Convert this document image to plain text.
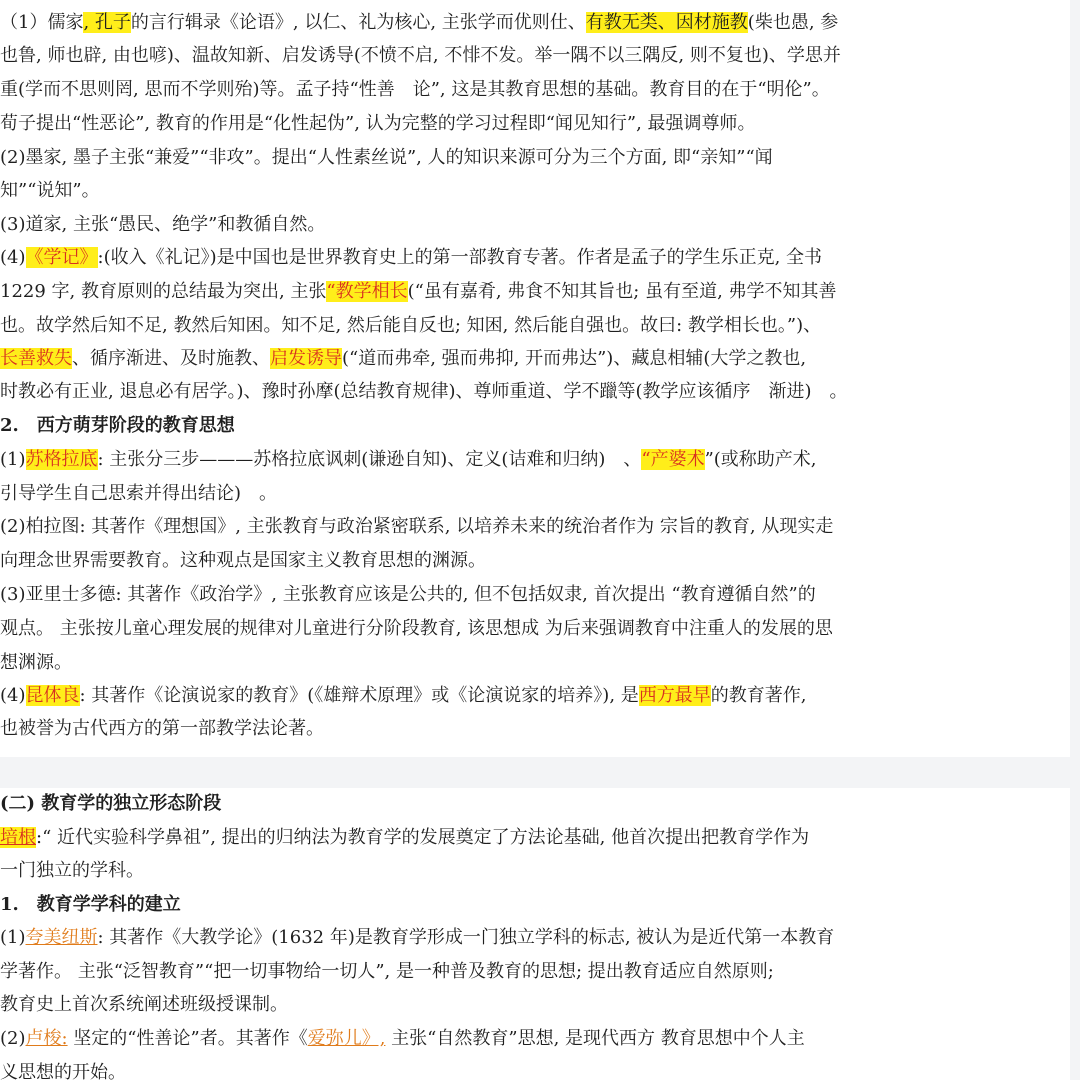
（1）儒家, 孔子的言行辑录《论语》, 以仁、礼为核心, 主张学而优则仕、有教无类、因材施教(柴也愚, 参
也鲁, 师也辟, 由也喭)、温故知新、启发诱导(不愤不启, 不悱不发。举一隅不以三隅反, 则不复也)、学思并
重(学而不思则罔, 思而不学则殆)等。孟子持“性善　论”, 这是其教育思想的基础。教育目的在于“明伦”。
荀子提出“性恶论”, 教育的作用是“化性起伪”, 认为完整的学习过程即“闻见知行”, 最强调尊师。
(2)墨家, 墨子主张“兼爱”“非攻”。提出“人性素丝说”, 人的知识来源可分为三个方面, 即“亲知”“闻
知”“说知”。
(3)道家, 主张“愚民、绝学”和教循自然。
(4)《学记》:(收入《礼记》)是中国也是世界教育史上的第一部教育专著。作者是孟子的学生乐正克, 全书
1229 字, 教育原则的总结最为突出, 主张“教学相长(“虽有嘉肴, 弗食不知其旨也; 虽有至道, 弗学不知其善
也。故学然后知不足, 教然后知困。知不足, 然后能自反也; 知困, 然后能自强也。故曰: 教学相长也。”)、
长善救失、循序渐进、及时施教、启发诱导(“道而弗牵, 强而弗抑, 开而弗达”)、藏息相辅(大学之教也,
时教必有正业, 退息必有居学。)、豫时孙摩(总结教育规律)、尊师重道、学不躐等(教学应该循序　渐进)　。
2.　西方萌芽阶段的教育思想
(1)苏格拉底: 主张分三步———苏格拉底讽刺(谦逊自知)、定义(诘难和归纳)　、“产婆术”(或称助产术,
引导学生自己思索并得出结论)　。
(2)柏拉图: 其著作《理想国》, 主张教育与政治紧密联系, 以培养未来的统治者作为 宗旨的教育, 从现实走
向理念世界需要教育。这种观点是国家主义教育思想的渊源。
(3)亚里士多德: 其著作《政治学》, 主张教育应该是公共的, 但不包括奴隶, 首次提出 “教育遵循自然”的
观点。 主张按儿童心理发展的规律对儿童进行分阶段教育, 该思想成 为后来强调教育中注重人的发展的思
想渊源。
(4)昆体良: 其著作《论演说家的教育》(《雄辩术原理》或《论演说家的培养》), 是西方最早的教育著作,
也被誉为古代西方的第一部教学法论著。
(二) 教育学的独立形态阶段
培根:“ 近代实验科学鼻祖”, 提出的归纳法为教育学的发展奠定了方法论基础, 他首次提出把教育学作为
一门独立的学科。
1.　教育学学科的建立
(1)夸美纽斯: 其著作《大教学论》(1632 年)是教育学形成一门独立学科的标志, 被认为是近代第一本教育
学著作。 主张“泛智教育”“把一切事物给一切人”, 是一种普及教育的思想; 提出教育适应自然原则;
教育史上首次系统阐述班级授课制。
(2)卢梭: 坚定的“性善论”者。其著作《爱弥儿》, 主张“自然教育”思想, 是现代西方 教育思想中个人主
义思想的开始。
